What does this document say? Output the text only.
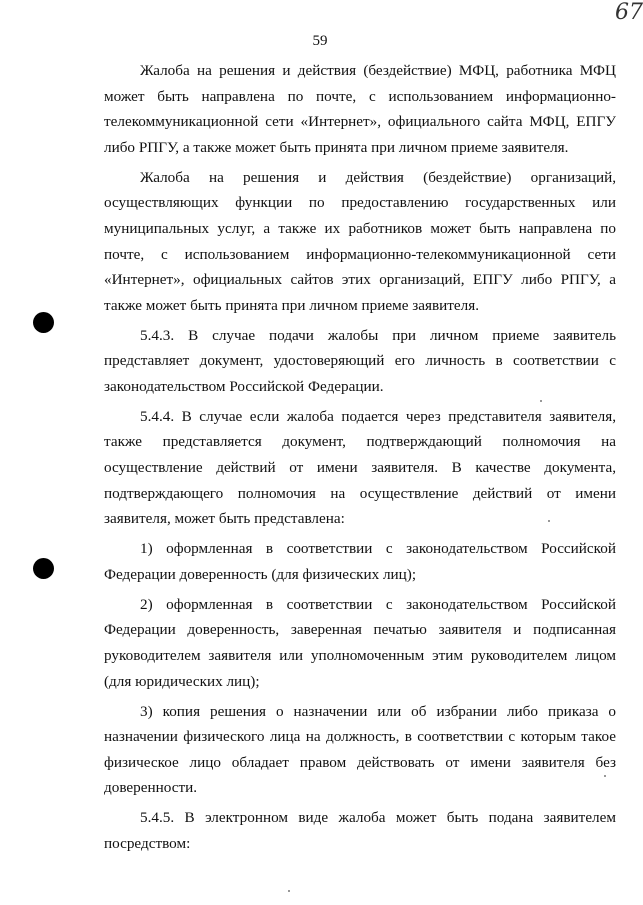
59
67

Жалоба на решения и действия (бездействие) МФЦ, работника МФЦ может быть направлена по почте, с использованием информационно-телекоммуникационной сети «Интернет», официального сайта МФЦ, ЕПГУ либо РПГУ, а также может быть принята при личном приеме заявителя.

Жалоба на решения и действия (бездействие) организаций, осуществляющих функции по предоставлению государственных или муниципальных услуг, а также их работников может быть направлена по почте, с использованием информационно-телекоммуникационной сети «Интернет», официальных сайтов этих организаций, ЕПГУ либо РПГУ, а также может быть принята при личном приеме заявителя.

5.4.3. В случае подачи жалобы при личном приеме заявитель представляет документ, удостоверяющий его личность в соответствии с законодательством Российской Федерации.

5.4.4. В случае если жалоба подается через представителя заявителя, также представляется документ, подтверждающий полномочия на осуществление действий от имени заявителя. В качестве документа, подтверждающего полномочия на осуществление действий от имени заявителя, может быть представлена:

1) оформленная в соответствии с законодательством Российской Федерации доверенность (для физических лиц);

2) оформленная в соответствии с законодательством Российской Федерации доверенность, заверенная печатью заявителя и подписанная руководителем заявителя или уполномоченным этим руководителем лицом (для юридических лиц);

3) копия решения о назначении или об избрании либо приказа о назначении физического лица на должность, в соответствии с которым такое физическое лицо обладает правом действовать от имени заявителя без доверенности.

5.4.5. В электронном виде жалоба может быть подана заявителем посредством:
